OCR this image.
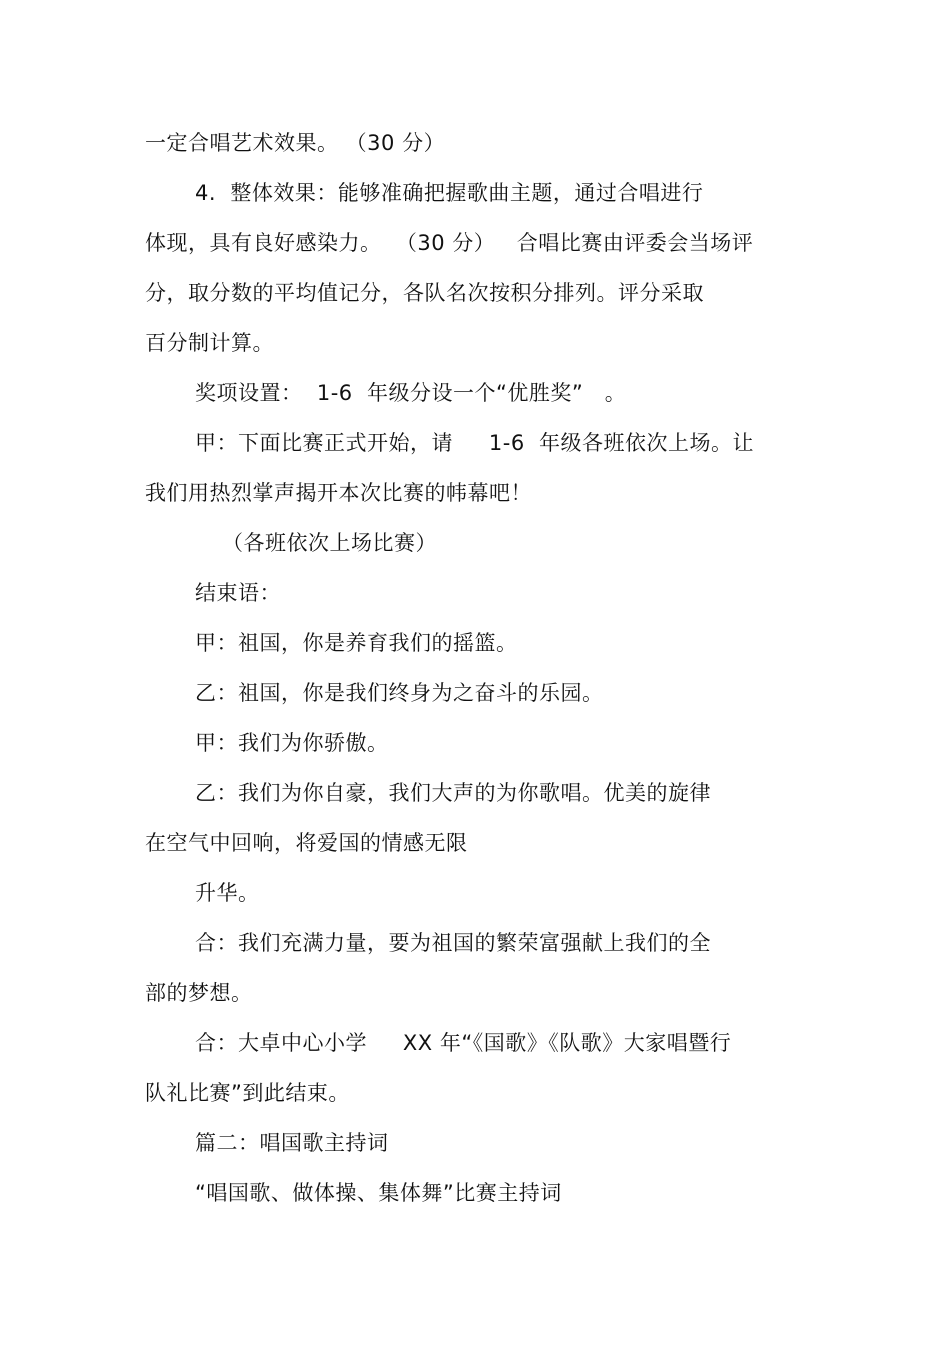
一定合唱艺术效果。 （30 分）
4.  整体效果：能够准确把握歌曲主题，通过合唱进行
体现，具有良好感染力。  （30 分）   合唱比赛由评委会当场评
分，取分数的平均值记分，各队名次按积分排列。评分采取
百分制计算。
奖项设置：  1-6  年级分设一个“优胜奖”   。
甲：下面比赛正式开始，请     1-6  年级各班依次上场。让
我们用热烈掌声揭开本次比赛的帏幕吧！
（各班依次上场比赛）
结束语：
甲：祖国，你是养育我们的摇篮。
乙：祖国，你是我们终身为之奋斗的乐园。
甲：我们为你骄傲。
乙：我们为你自豪，我们大声的为你歌唱。优美的旋律
在空气中回响，将爱国的情感无限
升华。
合：我们充满力量，要为祖国的繁荣富强献上我们的全
部的梦想。
合：大卓中心小学     XX 年“《国歌》《队歌》大家唱暨行
队礼比赛”到此结束。
篇二：唱国歌主持词
“唱国歌、做体操、集体舞”比赛主持词
